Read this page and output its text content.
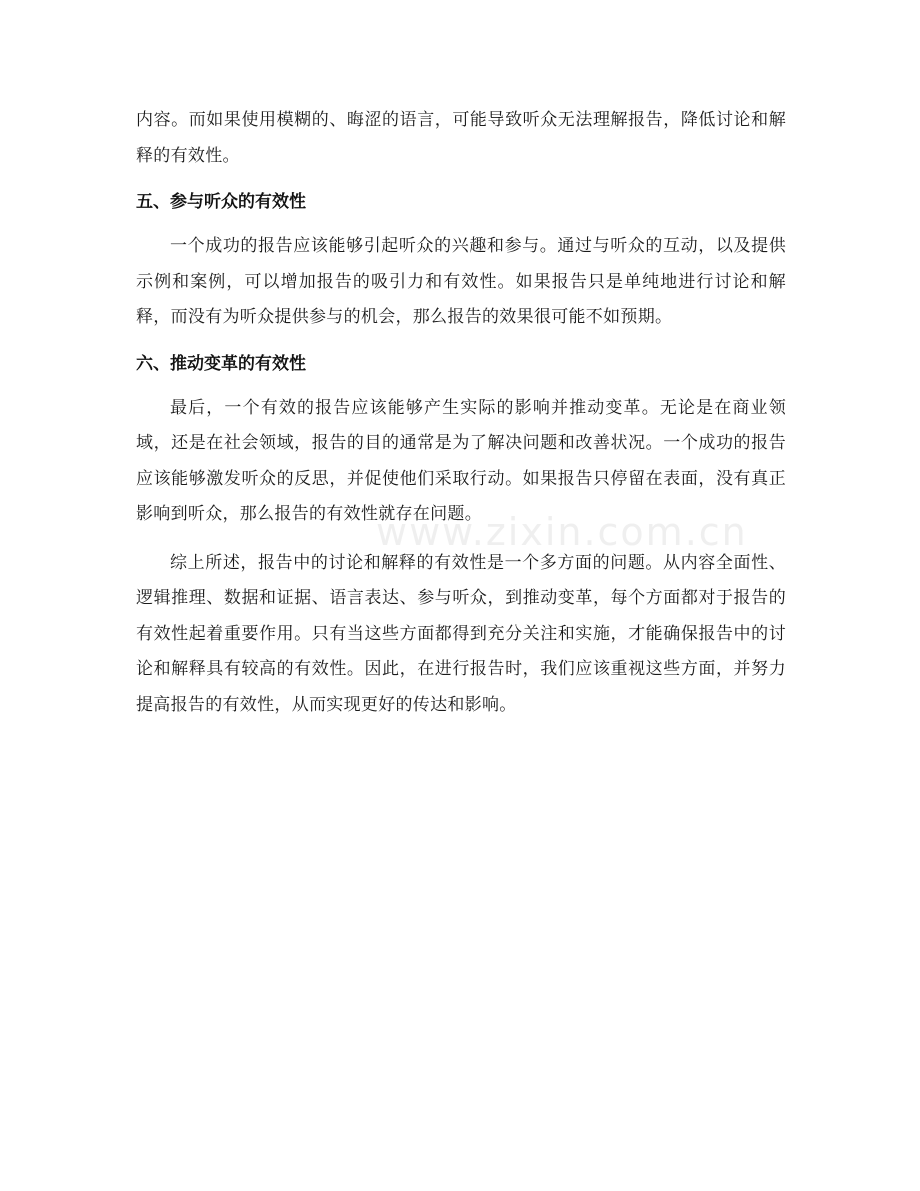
内容。而如果使用模糊的、晦涩的语言，可能导致听众无法理解报告，降低讨论和解释的有效性。

五、参与听众的有效性

一个成功的报告应该能够引起听众的兴趣和参与。通过与听众的互动，以及提供示例和案例，可以增加报告的吸引力和有效性。如果报告只是单纯地进行讨论和解释，而没有为听众提供参与的机会，那么报告的效果很可能不如预期。

六、推动变革的有效性

最后，一个有效的报告应该能够产生实际的影响并推动变革。无论是在商业领域，还是在社会领域，报告的目的通常是为了解决问题和改善状况。一个成功的报告应该能够激发听众的反思，并促使他们采取行动。如果报告只停留在表面，没有真正影响到听众，那么报告的有效性就存在问题。

综上所述，报告中的讨论和解释的有效性是一个多方面的问题。从内容全面性、逻辑推理、数据和证据、语言表达、参与听众，到推动变革，每个方面都对于报告的有效性起着重要作用。只有当这些方面都得到充分关注和实施，才能确保报告中的讨论和解释具有较高的有效性。因此，在进行报告时，我们应该重视这些方面，并努力提高报告的有效性，从而实现更好的传达和影响。

www.zixin.com.cn
